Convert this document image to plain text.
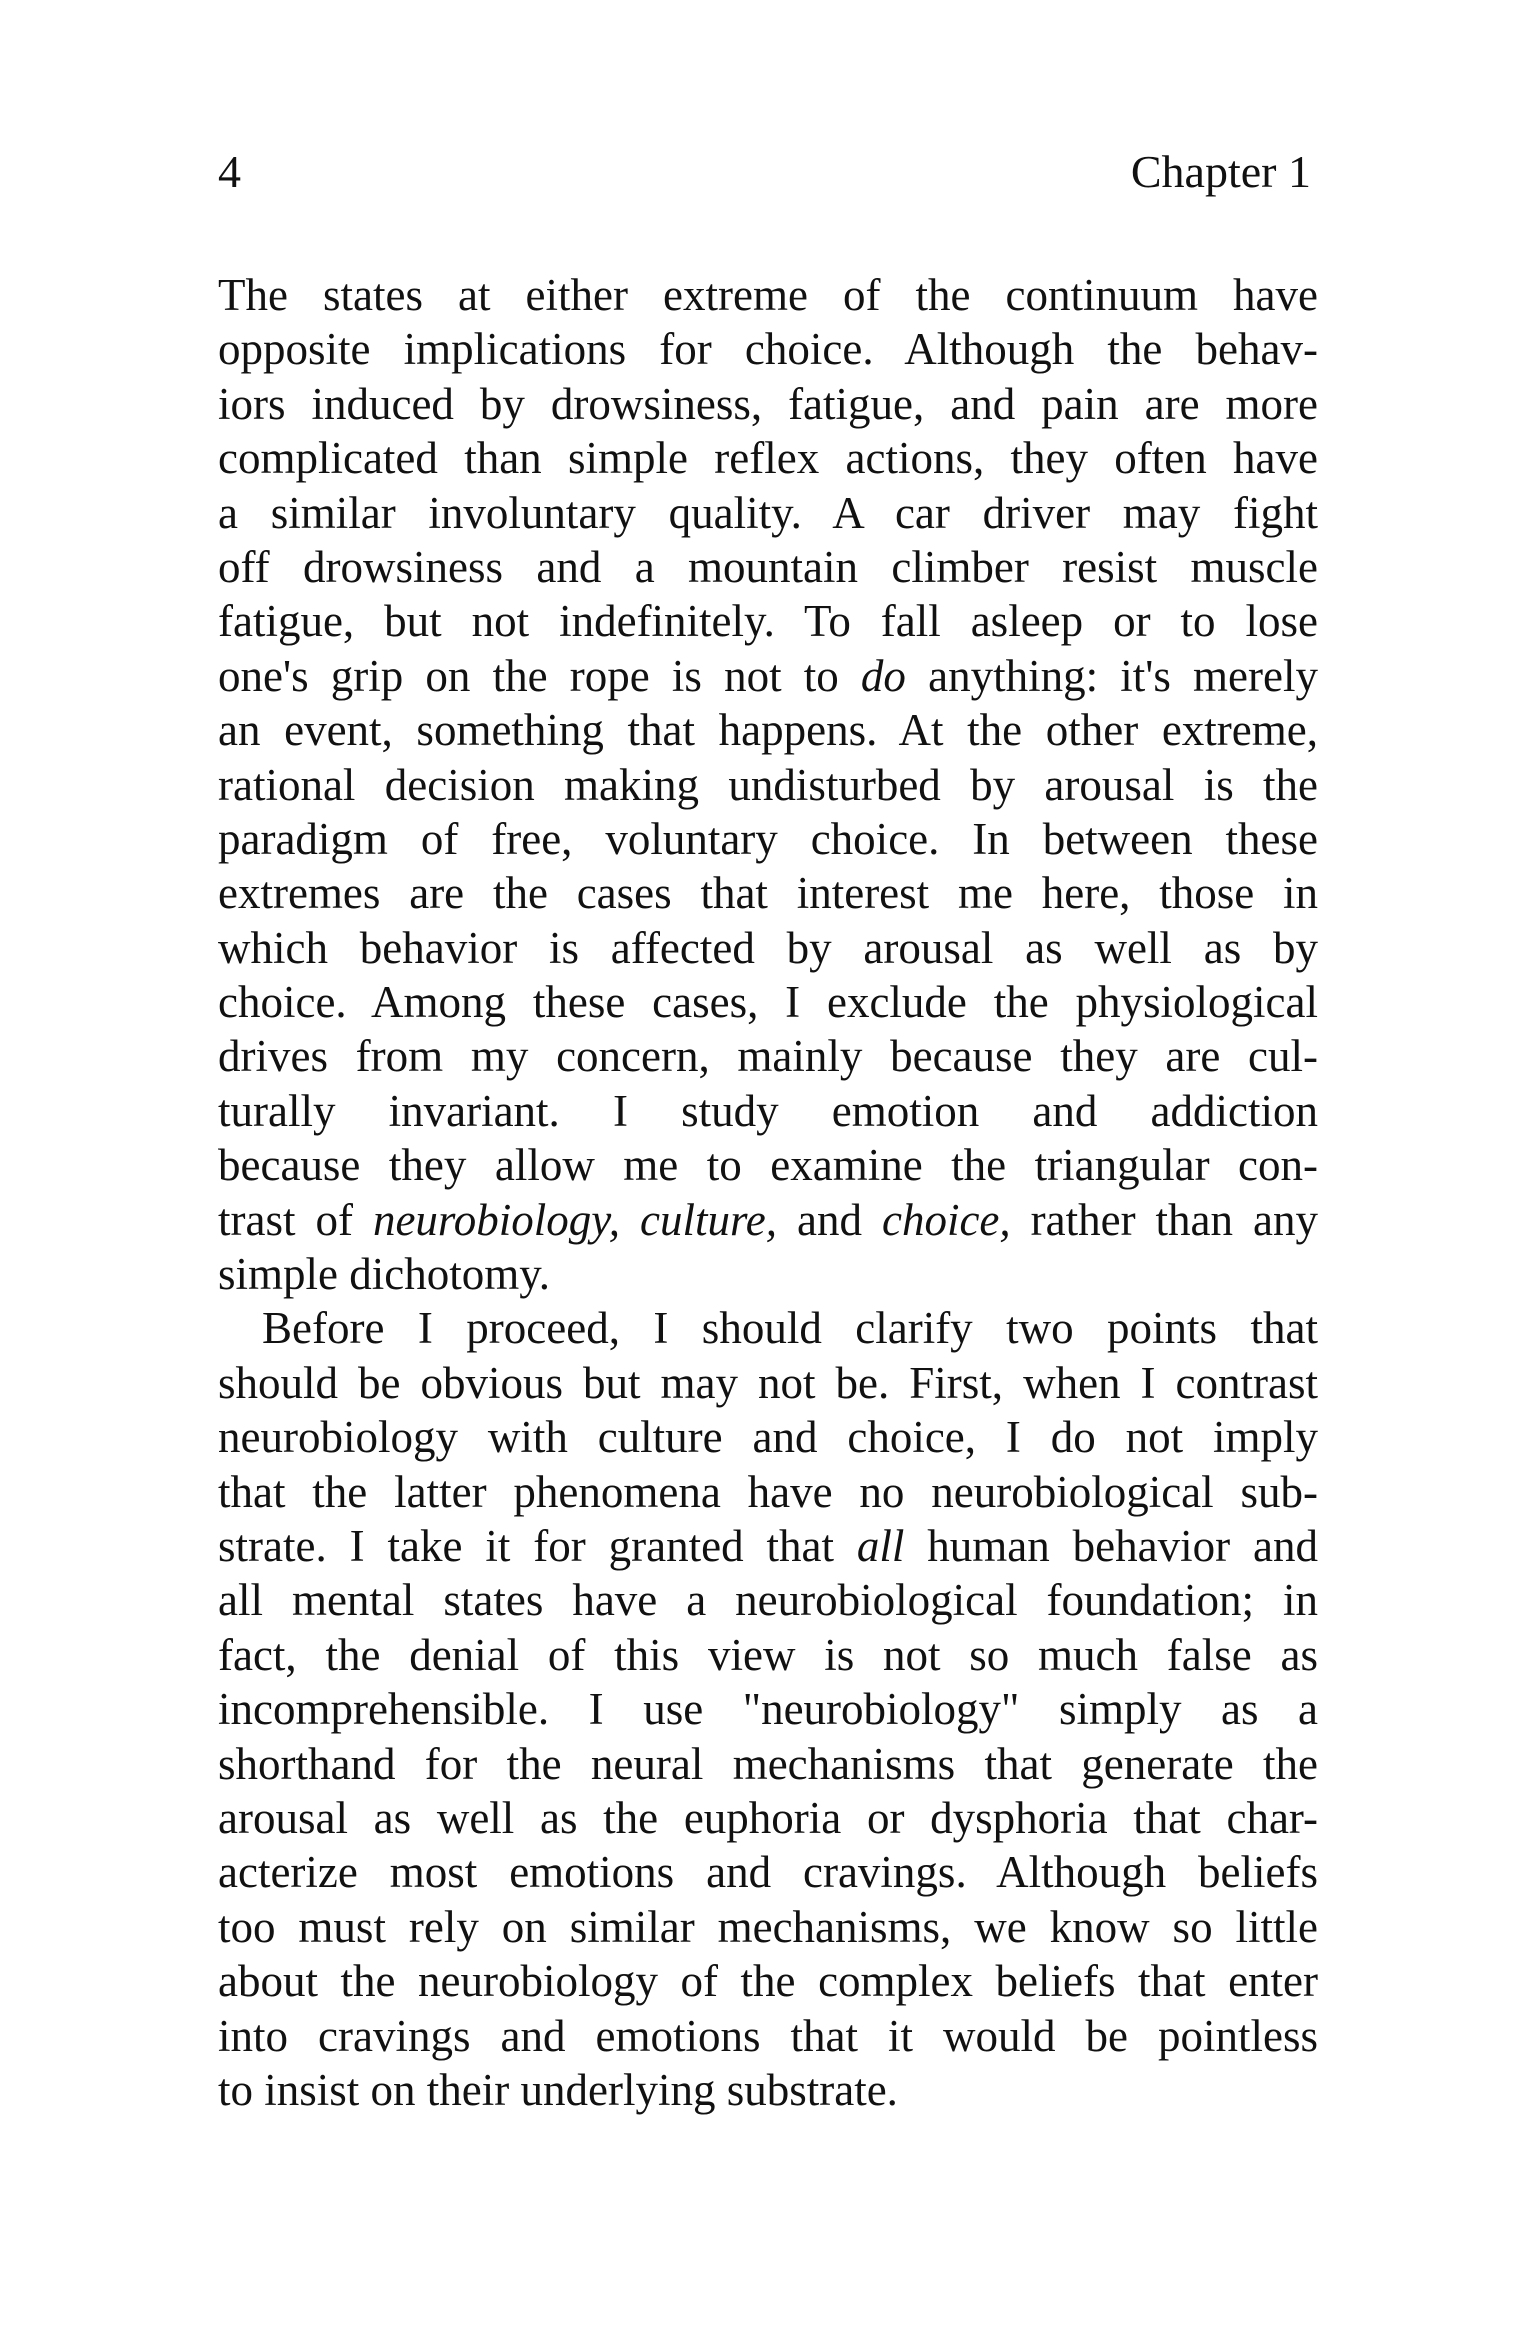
4	Chapter 1
The states at either extreme of the continuum have
opposite implications for choice. Although the behav-
iors induced by drowsiness, fatigue, and pain are more
complicated than simple reflex actions, they often have
a similar involuntary quality. A car driver may fight
off drowsiness and a mountain climber resist muscle
fatigue, but not indefinitely. To fall asleep or to lose
one's grip on the rope is not to do anything: it's merely
an event, something that happens. At the other extreme,
rational decision making undisturbed by arousal is the
paradigm of free, voluntary choice. In between these
extremes are the cases that interest me here, those in
which behavior is affected by arousal as well as by
choice. Among these cases, I exclude the physiological
drives from my concern, mainly because they are cul-
turally invariant. I study emotion and addiction
because they allow me to examine the triangular con-
trast of neurobiology, culture, and choice, rather than any
simple dichotomy.
Before I proceed, I should clarify two points that
should be obvious but may not be. First, when I contrast
neurobiology with culture and choice, I do not imply
that the latter phenomena have no neurobiological sub-
strate. I take it for granted that all human behavior and
all mental states have a neurobiological foundation; in
fact, the denial of this view is not so much false as
incomprehensible. I use "neurobiology" simply as a
shorthand for the neural mechanisms that generate the
arousal as well as the euphoria or dysphoria that char-
acterize most emotions and cravings. Although beliefs
too must rely on similar mechanisms, we know so little
about the neurobiology of the complex beliefs that enter
into cravings and emotions that it would be pointless
to insist on their underlying substrate.
